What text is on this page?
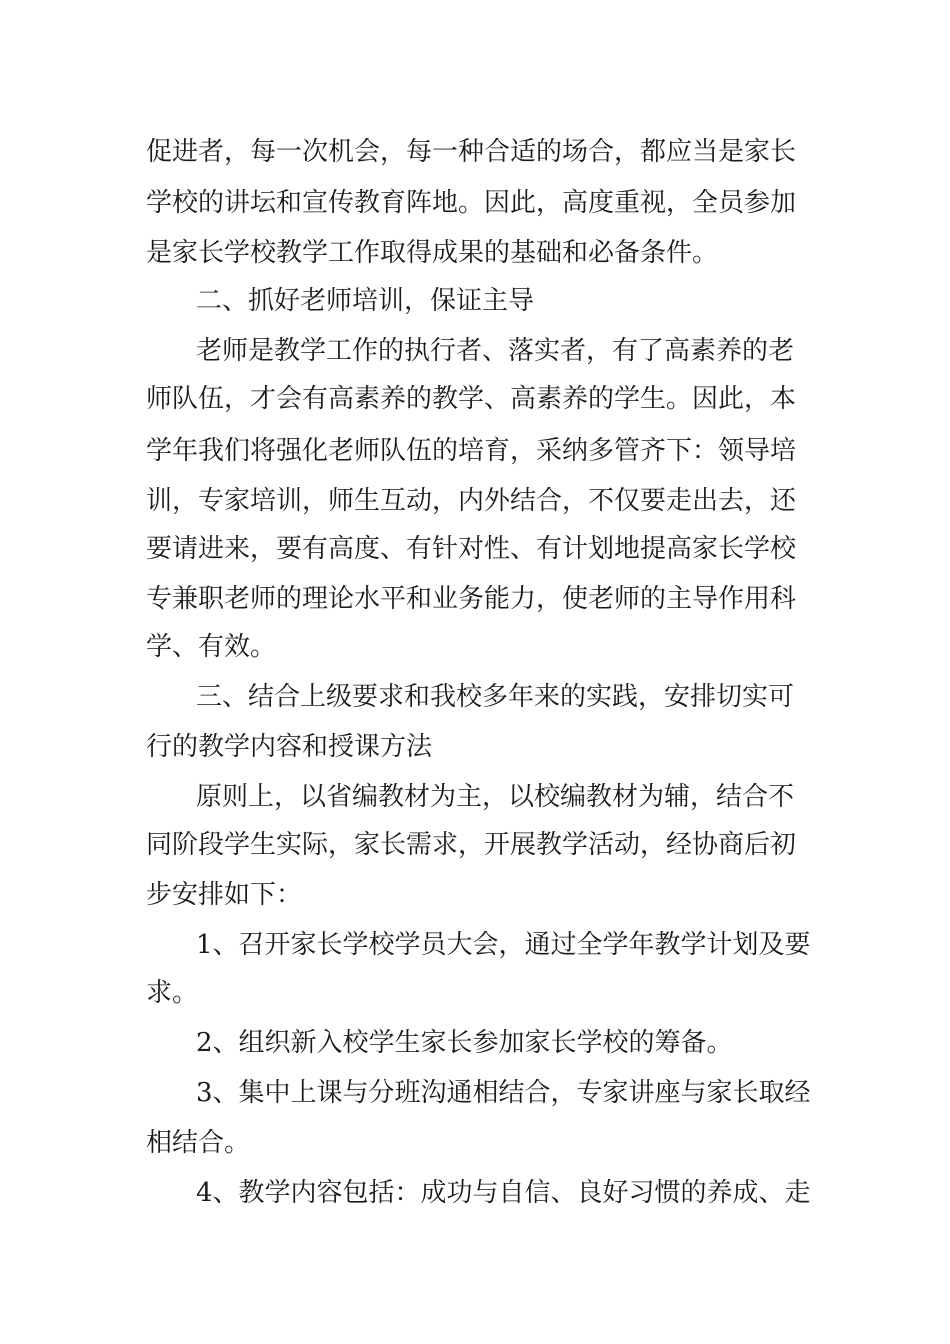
促进者，每一次机会，每一种合适的场合，都应当是家长
学校的讲坛和宣传教育阵地。因此，高度重视，全员参加
是家长学校教学工作取得成果的基础和必备条件。
二、抓好老师培训，保证主导
老师是教学工作的执行者、落实者，有了高素养的老
师队伍，才会有高素养的教学、高素养的学生。因此，本
学年我们将强化老师队伍的培育，采纳多管齐下：领导培
训，专家培训，师生互动，内外结合，不仅要走出去，还
要请进来，要有高度、有针对性、有计划地提高家长学校
专兼职老师的理论水平和业务能力，使老师的主导作用科
学、有效。
三、结合上级要求和我校多年来的实践，安排切实可
行的教学内容和授课方法
原则上，以省编教材为主，以校编教材为辅，结合不
同阶段学生实际，家长需求，开展教学活动，经协商后初
步安排如下：
1、召开家长学校学员大会，通过全学年教学计划及要
求。
2、组织新入校学生家长参加家长学校的筹备。
3、集中上课与分班沟通相结合，专家讲座与家长取经
相结合。
4、教学内容包括：成功与自信、良好习惯的养成、走
